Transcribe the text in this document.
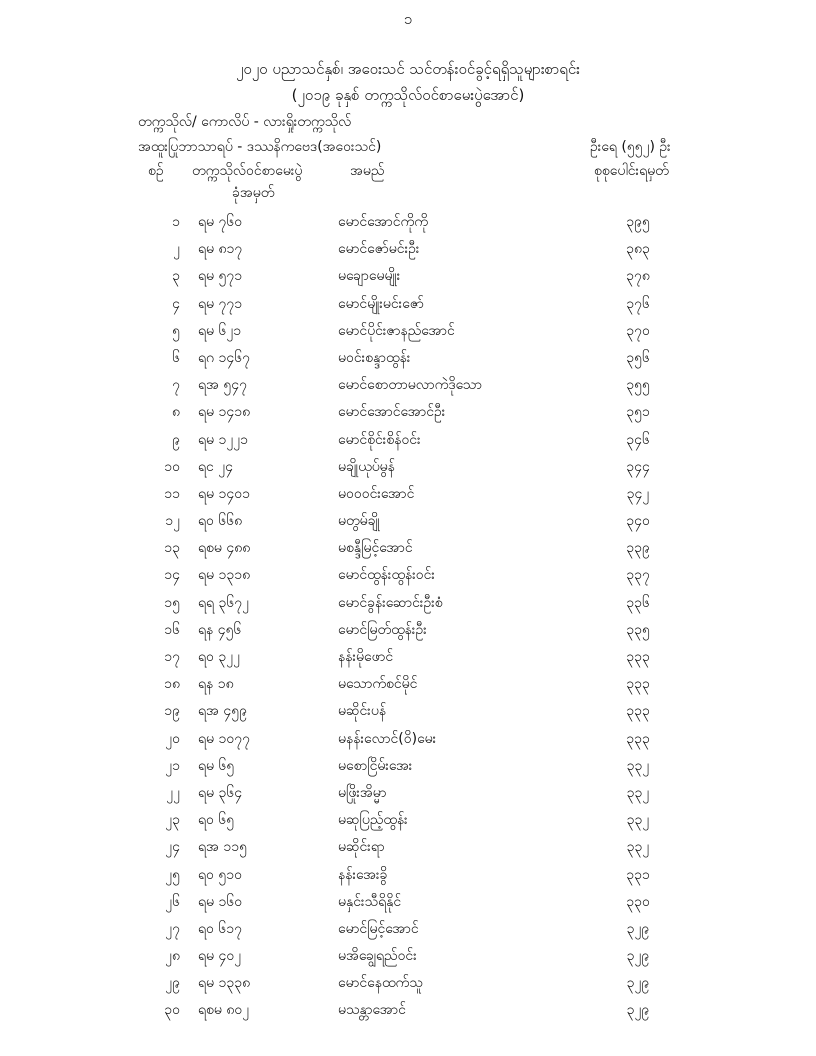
၁
၂၀၂၀ ပညာသင်နှစ်၊ အဝေးသင် သင်တန်းဝင်ခွင့်ရရှိသူများစာရင်း
(၂၀၁၉ ခုနှစ် တက္ကသိုလ်ဝင်စာမေးပွဲအောင်)
တက္ကသိုလ်/ ကောလိပ် - လားရှိုးတက္ကသိုလ်
အထူးပြုဘာသာရပ် - ဒဿနိကဗေဒ(အဝေးသင်)	ဦးရေ (၅၅၂) ဦး
စဉ် တက္ကသိုလ်ဝင်စာမေးပွဲ
ခုံအမှတ်
အမည်	စုစုပေါင်းရမှတ်
၁ ရမ ၇၆၀	မောင်အောင်ကိုကို	၃၉၅
၂ ရမ ၈၁၇	မောင်ဇော်မင်းဦး	၃၈၃
၃ ရမ ၅၇၁	မချောမေမျိုး	၃၇၈
၄ ရမ ၇၇၁	မောင်မျိုးမင်းဇော်	၃၇၆
၅ ရမ ၆၂၁	မောင်ပိုင်းဇာနည်အောင်	၃၇၀
၆ ရဂ ၁၄၆၇	မဝင်းစန္ဒာထွန်း	၃၅၆
၇ ရအ ၅၄၇	မောင်စောတာမလာကဲဒိုသော	၃၅၅
၈ ရမ ၁၄၁၈	မောင်အောင်အောင်ဦး	၃၅၁
၉ ရမ ၁၂၂၁	မောင်စိုင်းစိန်ဝင်း	၃၄၆
၁၀ ရင ၂၄	မချိုယုပ်မွန်	၃၄၄
၁၁ ရမ ၁၄၀၁	မဝဝဝင်းအောင်	၃၄၂
၁၂ ရဝ ၆၆၈	မတွမ်ချို	၃၄၀
၁၃ ရစမ ၄၈၈	မစန္ဒီမြင့်အောင်	၃၃၉
၁၄ ရမ ၁၃၁၈	မောင်ထွန်းထွန်းဝင်း	၃၃၇
၁၅ ရရ ၃၆၇၂	မောင်ခွန်းဆောင်းဦးစံ	၃၃၆
၁၆ ရန ၄၅၆	မောင်မြတ်ထွန်းဦး	၃၃၅
၁၇ ရဝ ၃၂၂	နန်းမိုဖောင်	၃၃၃
၁၈ ရန ၁၈	မသောက်စင်မိုင်	၃၃၃
၁၉ ရအ ၄၅၉	မဆိုင်းပန်	၃၃၃
၂၀ ရမ ၁၀၇၇	မနန်းလောင်(ဝိ)မေး	၃၃၃
၂၁ ရမ ၆၅	မစောငြိမ်းအေး	၃၃၂
၂၂ ရမ ၃၆၄	မဖြိုးအိမ္မာ	၃၃၂
၂၃ ရဝ ၆၅	မဆုပြည့်ထွန်း	၃၃၂
၂၄ ရအ ၁၁၅	မဆိုင်းရာ	၃၃၂
၂၅ ရဝ ၅၁၀	နန်းအေးခွိ	၃၃၁
၂၆ ရမ ၁၆၀	မနှင်းသီရိနိုင်	၃၃၀
၂၇ ရဝ ၆၁၇	မောင်မြင့်အောင်	၃၂၉
၂၈ ရမ ၄၀၂	မအိချွေရည်ဝင်း	၃၂၉
၂၉ ရမ ၁၃၃၈	မောင်နေထက်သူ	၃၂၉
၃၀ ရစမ ၈၀၂	မသန္တာအောင်	၃၂၉
